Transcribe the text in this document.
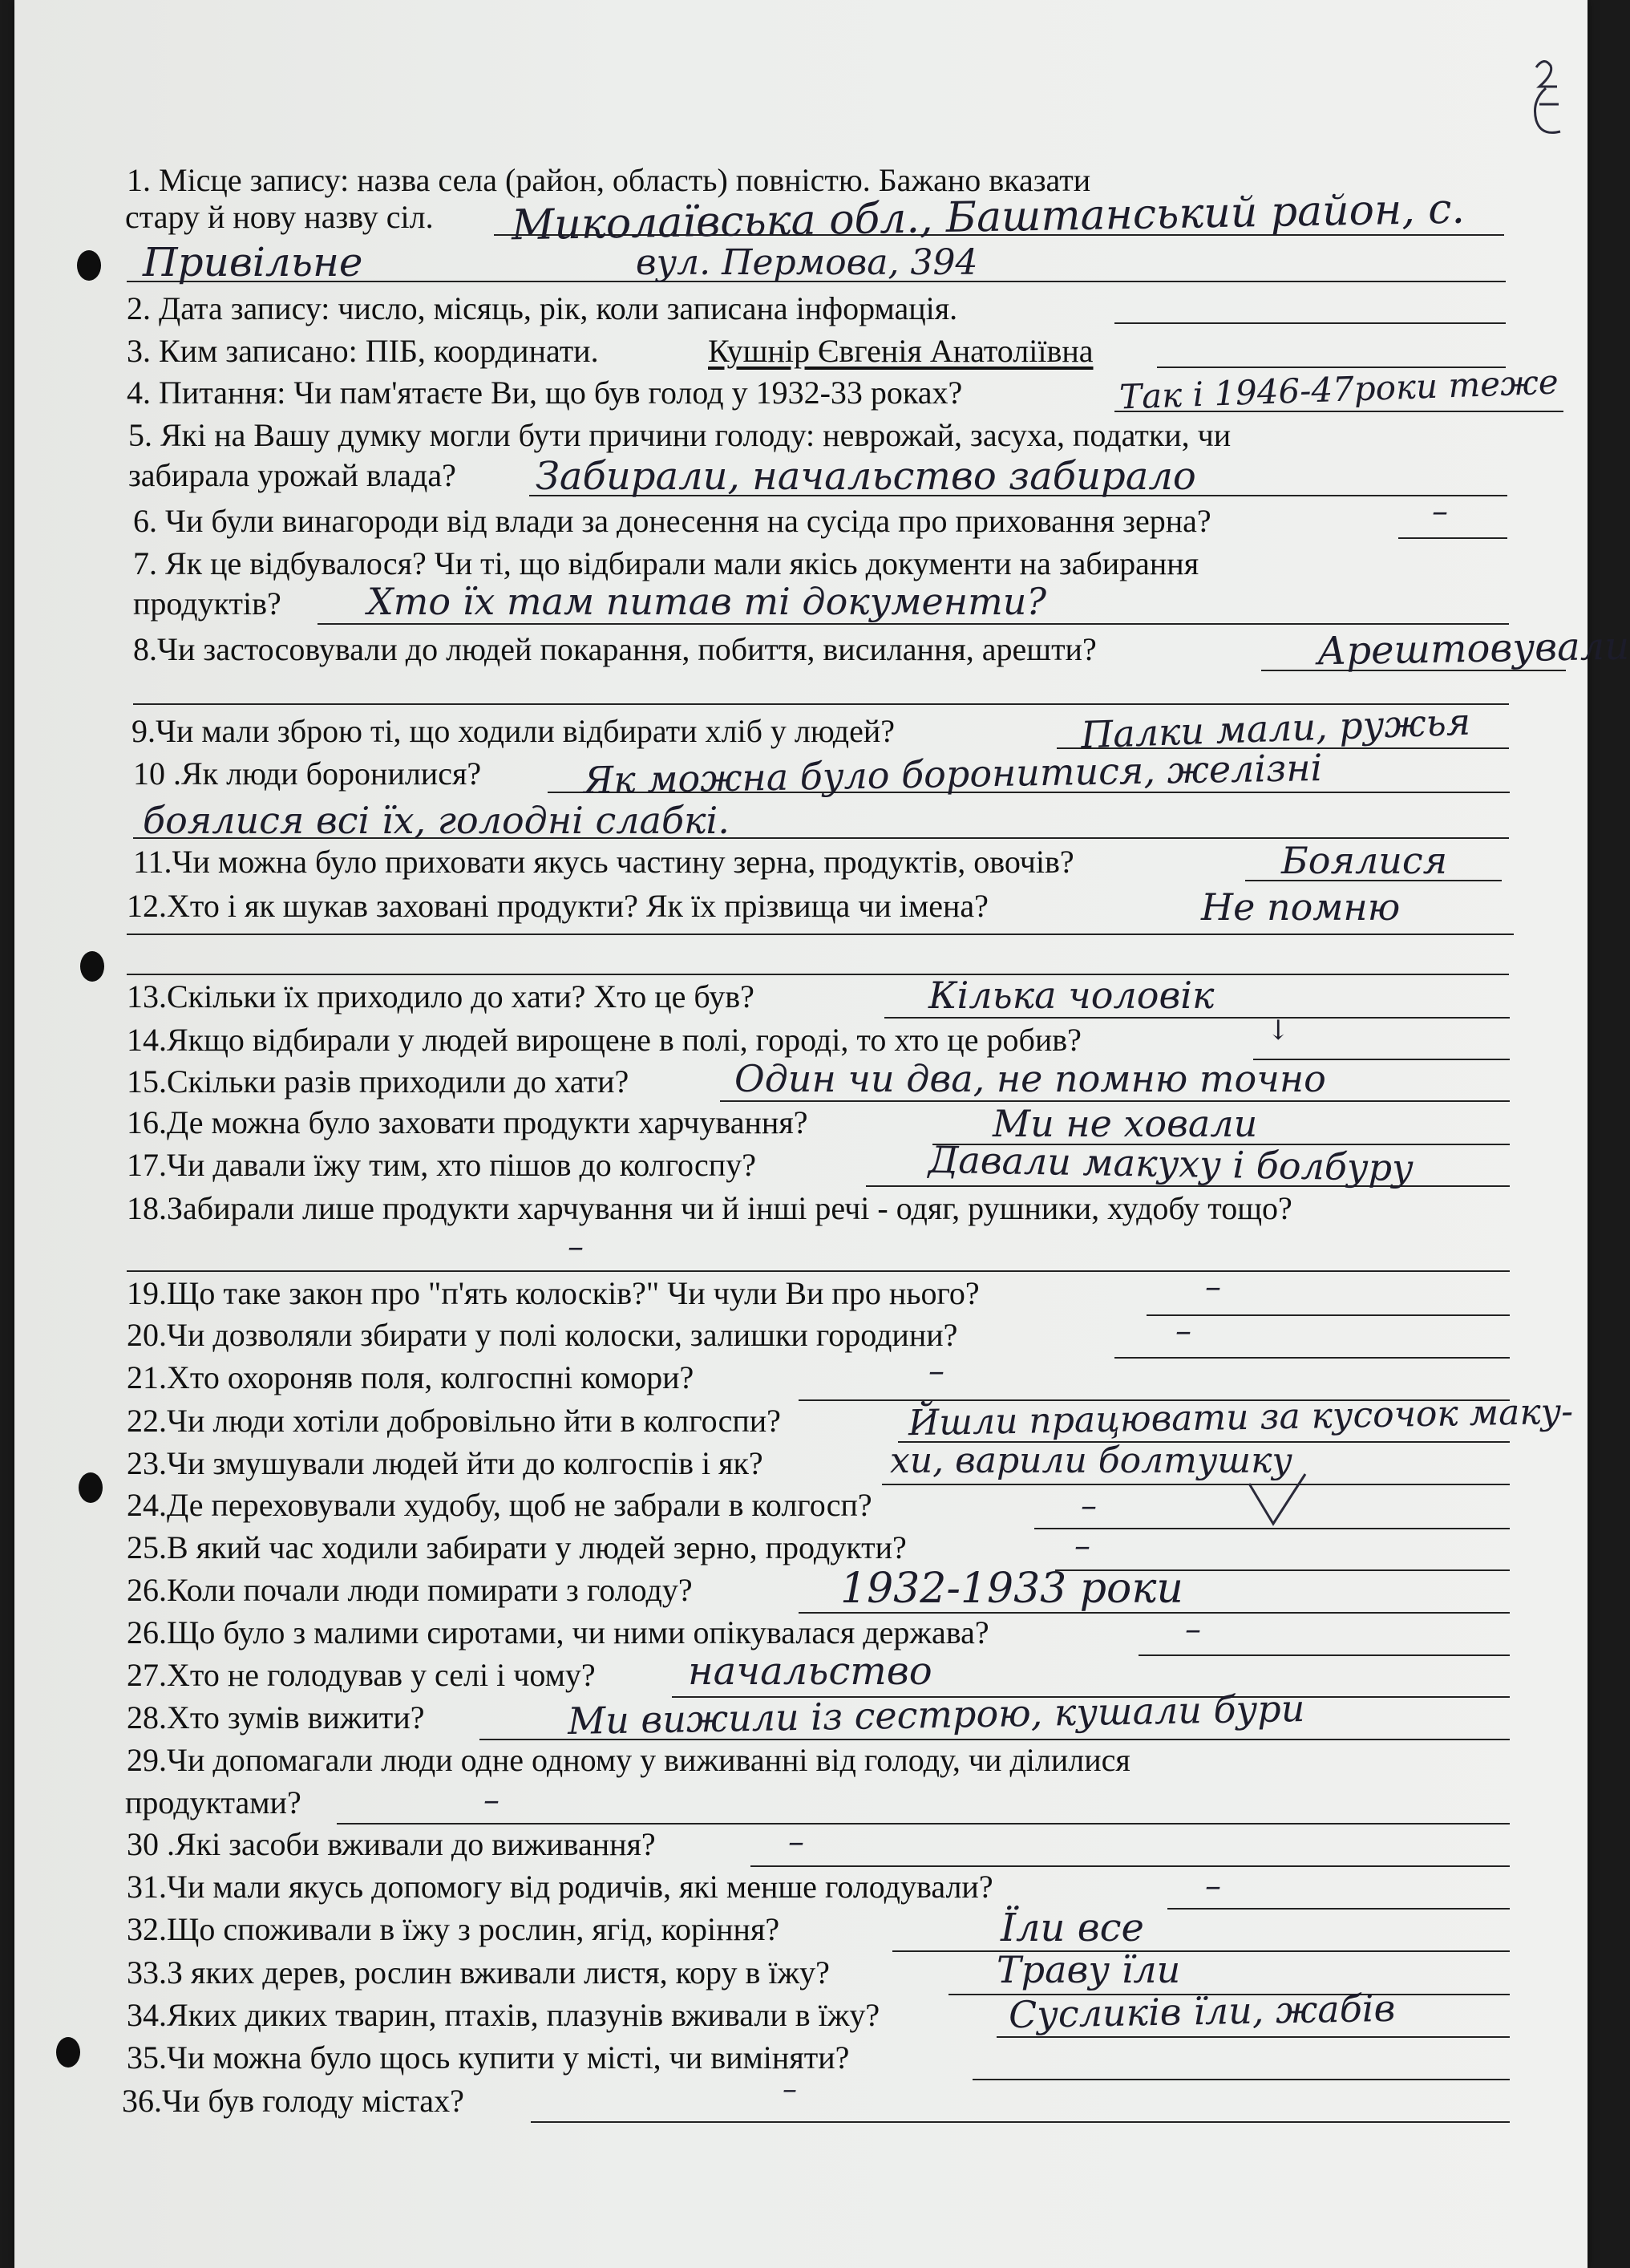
1. Місце запису: назва села (район, область) повністю. Бажано вказати
стару й нову назву сіл.
2. Дата запису: число, місяць, рік, коли записана інформація.
3. Ким записано: ПІБ, координати.	Кушнір Євгенія Анатоліївна
4. Питання: Чи пам'ятаєте Ви, що був голод у 1932-33 роках?
5. Які на Вашу думку могли бути причини голоду: неврожай, засуха, податки, чи
забирала урожай влада?
6. Чи були винагороди від влади за донесення на сусіда про приховання зерна?
7. Як це відбувалося? Чи ті, що відбирали мали якісь документи на забирання
продуктів?
8.Чи застосовували до людей покарання, побиття, висилання, арешти?
9.Чи мали зброю ті, що ходили відбирати хліб у людей?
10 .Як люди боронилися?
11.Чи можна було приховати якусь частину зерна, продуктів, овочів?
12.Хто і як шукав заховані продукти? Як їх прізвища чи імена?
13.Скільки їх приходило до хати? Хто це був?
14.Якщо відбирали у людей вирощене в полі, городі, то хто це робив?
15.Скільки разів приходили до хати?
16.Де можна було заховати продукти харчування?
17.Чи давали їжу тим, хто пішов до колгоспу?
18.Забирали лише продукти харчування чи й інші речі - одяг, рушники, худобу тощо?
19.Що таке закон про "п'ять колосків?" Чи чули Ви про нього?
20.Чи дозволяли збирати у полі колоски, залишки городини?
21.Хто охороняв поля, колгоспні комори?
22.Чи люди хотіли добровільно йти в колгоспи?
23.Чи змушували людей йти до колгоспів і як?
24.Де переховували худобу, щоб не забрали в колгосп?
25.В який час ходили забирати у людей зерно, продукти?
26.Коли почали люди помирати з голоду?
26.Що було з малими сиротами, чи ними опікувалася держава?
27.Хто не голодував у селі і чому?
28.Хто зумів вижити?
29.Чи допомагали люди одне одному у виживанні від голоду, чи ділилися
продуктами?
30 .Які засоби вживали до виживання?
31.Чи мали якусь допомогу від родичів, які менше голодували?
32.Що споживали в їжу з рослин, ягід, коріння?
33.З яких дерев, рослин вживали листя, кору в їжу?
34.Яких диких тварин, птахів, плазунів вживали в їжу?
35.Чи можна було щось купити у місті, чи виміняти?
36.Чи був голоду містах?
Миколаївська обл., Баштанський район, с.
Привільне	вул. Пермова, 394
Так і 1946-47роки теже
Забирали, начальство забирало
–
Хто їх там питав ті документи?
Арештовували
Палки мали, ружья
Як можна було боронитися, желізні
боялися всі їх, голодні слабкі.
Боялися
Не помню
Кілька чоловік
↓
Один чи два, не помню точно
Ми не ховали
Давали макуху і болбуру
–
–
–
–
Йшли працювати за кусочок маку-
хи, варили болтушку
–
–
1932-1933 роки
–
начальство
Ми вижили із сестрою, кушали бури
–
–
–
Їли все
Траву їли
Сусликів їли, жабів
–
